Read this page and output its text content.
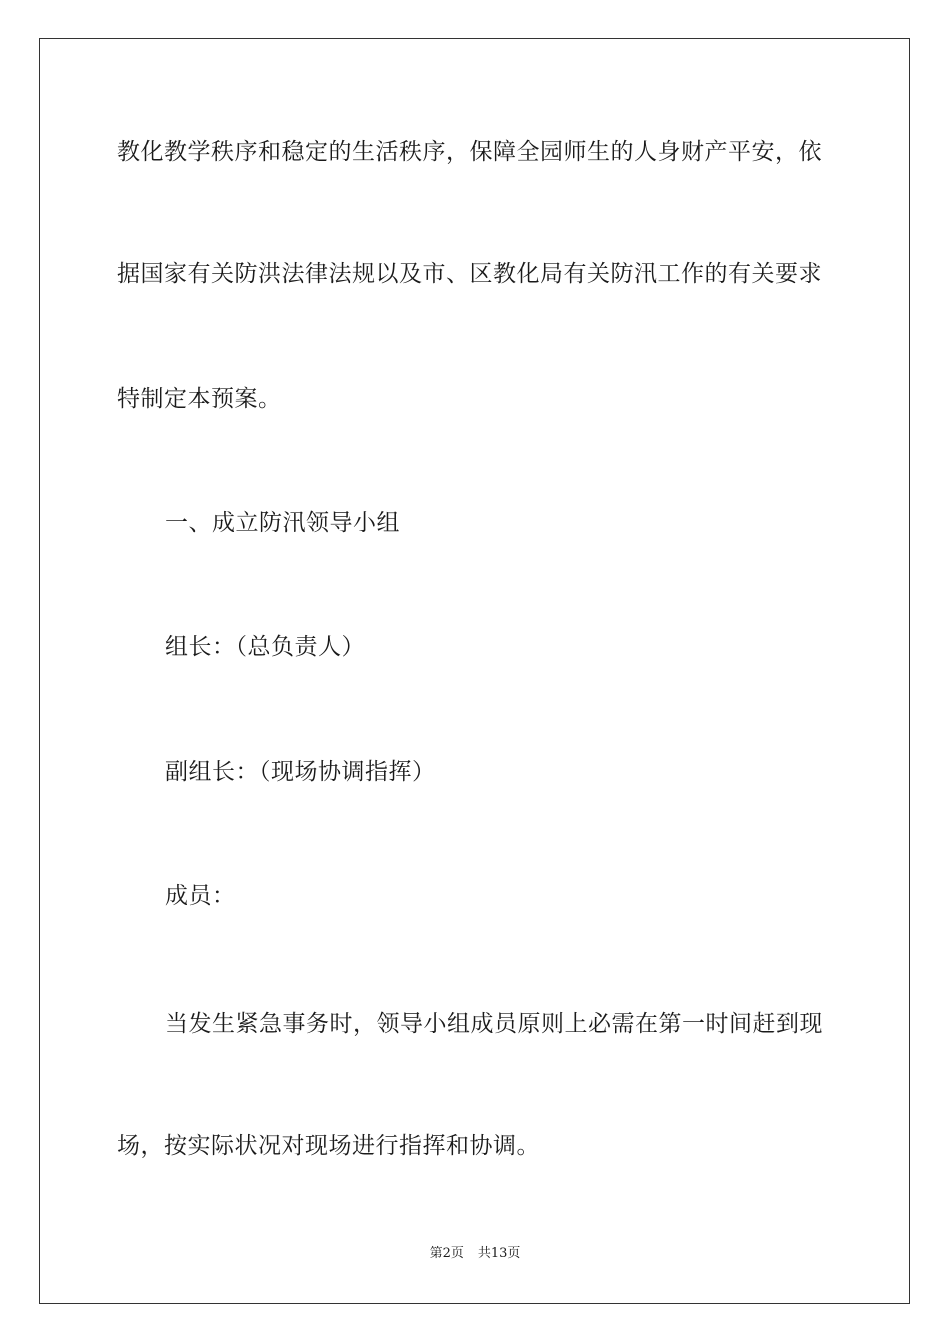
教化教学秩序和稳定的生活秩序，保障全园师生的人身财产平安，依
据国家有关防洪法律法规以及市、区教化局有关防汛工作的有关要求
特制定本预案。
一、成立防汛领导小组
组长：（总负责人）
副组长：（现场协调指挥）
成员：
当发生紧急事务时，领导小组成员原则上必需在第一时间赶到现
场，按实际状况对现场进行指挥和协调。
第2页 共13页
